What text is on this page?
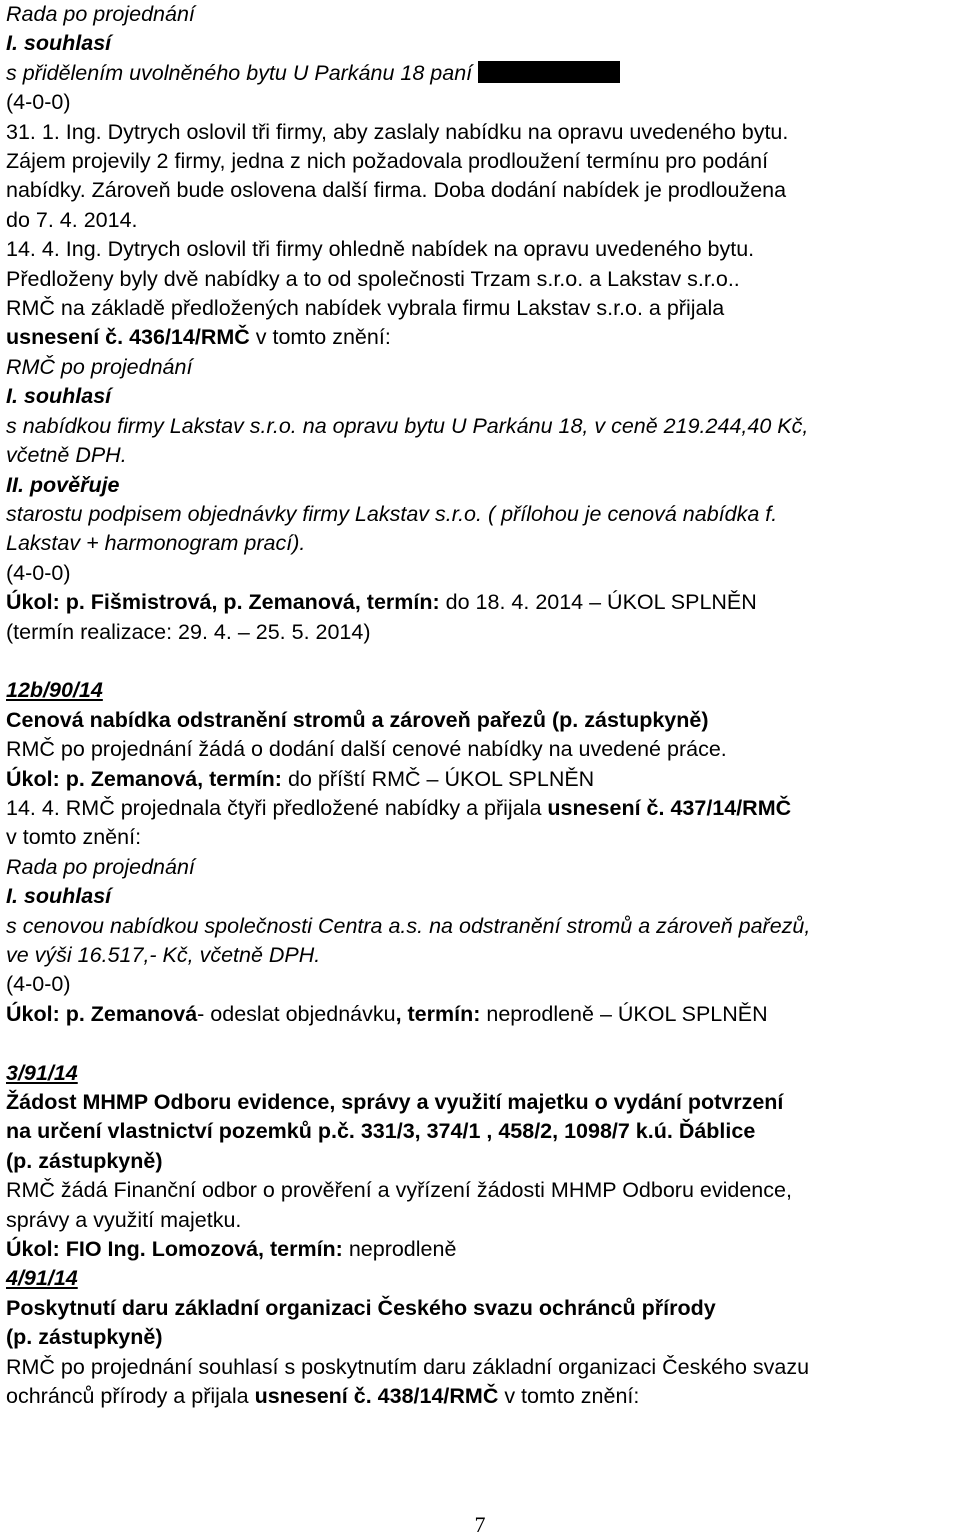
Rada po projednání
I. souhlasí
s přidělením uvolněného bytu U Parkánu 18 paní
(4-0-0)
31. 1. Ing. Dytrych oslovil tři firmy, aby zaslaly nabídku na opravu uvedeného bytu.
Zájem projevily 2 firmy, jedna z nich požadovala prodloužení termínu pro podání
nabídky. Zároveň bude oslovena další firma. Doba dodání nabídek je prodloužena
do 7. 4. 2014.
14. 4. Ing. Dytrych oslovil tři firmy ohledně nabídek na opravu uvedeného bytu.
Předloženy byly dvě nabídky a to od společnosti Trzam s.r.o. a Lakstav s.r.o..
RMČ na základě předložených nabídek vybrala firmu Lakstav s.r.o. a přijala
usnesení č. 436/14/RMČ v tomto znění:
RMČ po projednání
I. souhlasí
s nabídkou firmy Lakstav s.r.o. na opravu bytu U Parkánu 18, v ceně 219.244,40 Kč,
včetně DPH.
II. pověřuje
starostu podpisem objednávky firmy Lakstav s.r.o. ( přílohou je cenová nabídka f.
Lakstav + harmonogram prací).
(4-0-0)
Úkol: p. Fišmistrová, p. Zemanová, termín: do 18. 4. 2014 – ÚKOL SPLNĚN
(termín realizace: 29. 4. – 25. 5. 2014)
12b/90/14
Cenová nabídka odstranění stromů a zároveň pařezů (p. zástupkyně)
RMČ po projednání žádá o dodání další cenové nabídky na uvedené práce.
Úkol: p. Zemanová, termín: do příští RMČ – ÚKOL SPLNĚN
14. 4. RMČ projednala čtyři předložené nabídky a přijala usnesení č. 437/14/RMČ
v tomto znění:
Rada po projednání
I. souhlasí
s cenovou nabídkou společnosti Centra a.s. na odstranění stromů a zároveň pařezů,
ve výši 16.517,- Kč, včetně DPH.
(4-0-0)
Úkol: p. Zemanová- odeslat objednávku, termín: neprodleně – ÚKOL SPLNĚN
3/91/14
Žádost MHMP Odboru evidence, správy a využití majetku o vydání potvrzení
na určení vlastnictví pozemků p.č. 331/3, 374/1 , 458/2, 1098/7 k.ú. Ďáblice
(p. zástupkyně)
RMČ žádá Finanční odbor o prověření a vyřízení žádosti MHMP Odboru evidence,
správy a využití majetku.
Úkol: FIO Ing. Lomozová, termín: neprodleně
4/91/14
Poskytnutí daru základní organizaci Českého svazu ochránců přírody
(p. zástupkyně)
RMČ po projednání souhlasí s poskytnutím daru základní organizaci Českého svazu
ochránců přírody a přijala usnesení č. 438/14/RMČ v tomto znění:
7
